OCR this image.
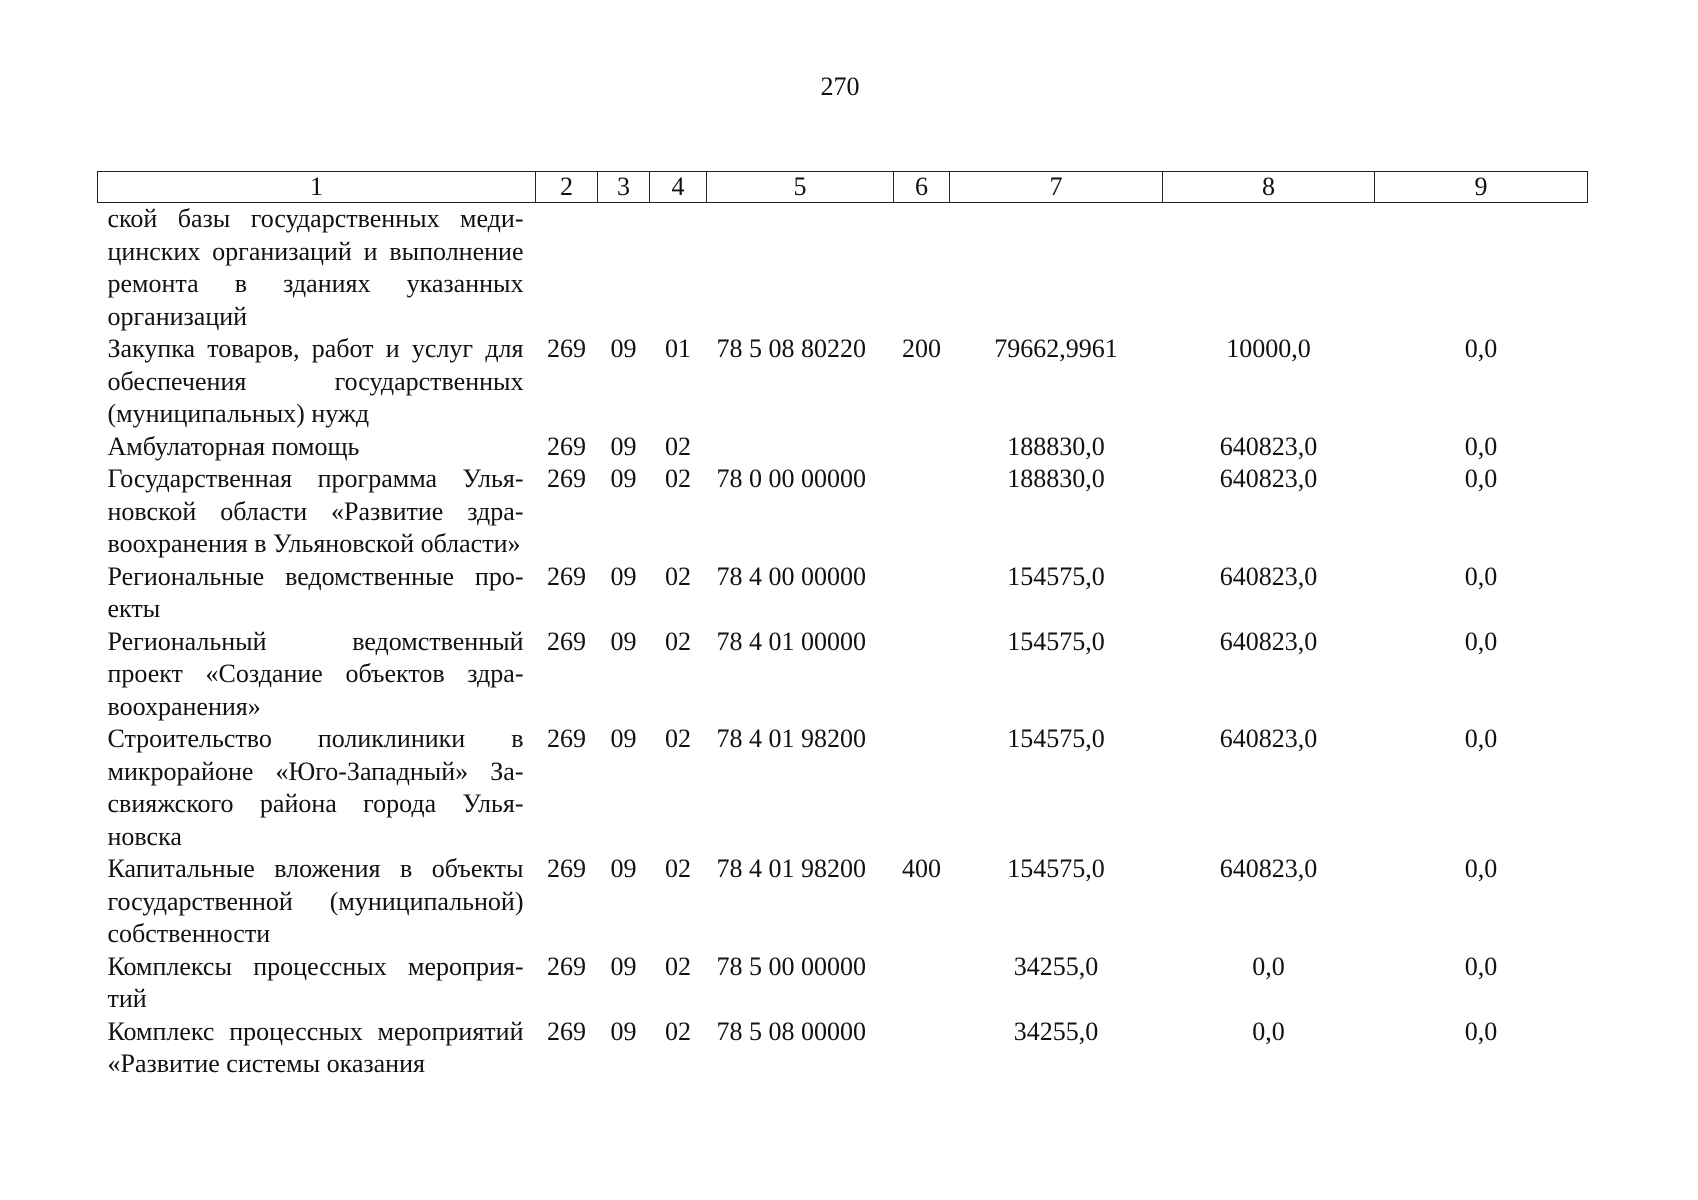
270
1	2	3	4	5	6	7	8	9
ской базы государственных медицинских организаций и выполнение ремонта в зданиях указанных организаций								
Закупка товаров, работ и услуг для обеспечения государственных (муниципальных) нужд	269	09	01	78 5 08 80220	200	79662,9961	10000,0	0,0
Амбулаторная помощь	269	09	02			188830,0	640823,0	0,0
Государственная программа Ульяновской области «Развитие здравоохранения в Ульяновской области»	269	09	02	78 0 00 00000		188830,0	640823,0	0,0
Региональные ведомственные проекты	269	09	02	78 4 00 00000		154575,0	640823,0	0,0
Региональный ведомственный проект «Создание объектов здравоохранения»	269	09	02	78 4 01 00000		154575,0	640823,0	0,0
Строительство поликлиники в микрорайоне «Юго-Западный» Засвияжского района города Ульяновска	269	09	02	78 4 01 98200		154575,0	640823,0	0,0
Капитальные вложения в объекты государственной (муниципальной) собственности	269	09	02	78 4 01 98200	400	154575,0	640823,0	0,0
Комплексы процессных мероприятий	269	09	02	78 5 00 00000		34255,0	0,0	0,0
Комплекс процессных мероприятий «Развитие системы оказания	269	09	02	78 5 08 00000		34255,0	0,0	0,0
